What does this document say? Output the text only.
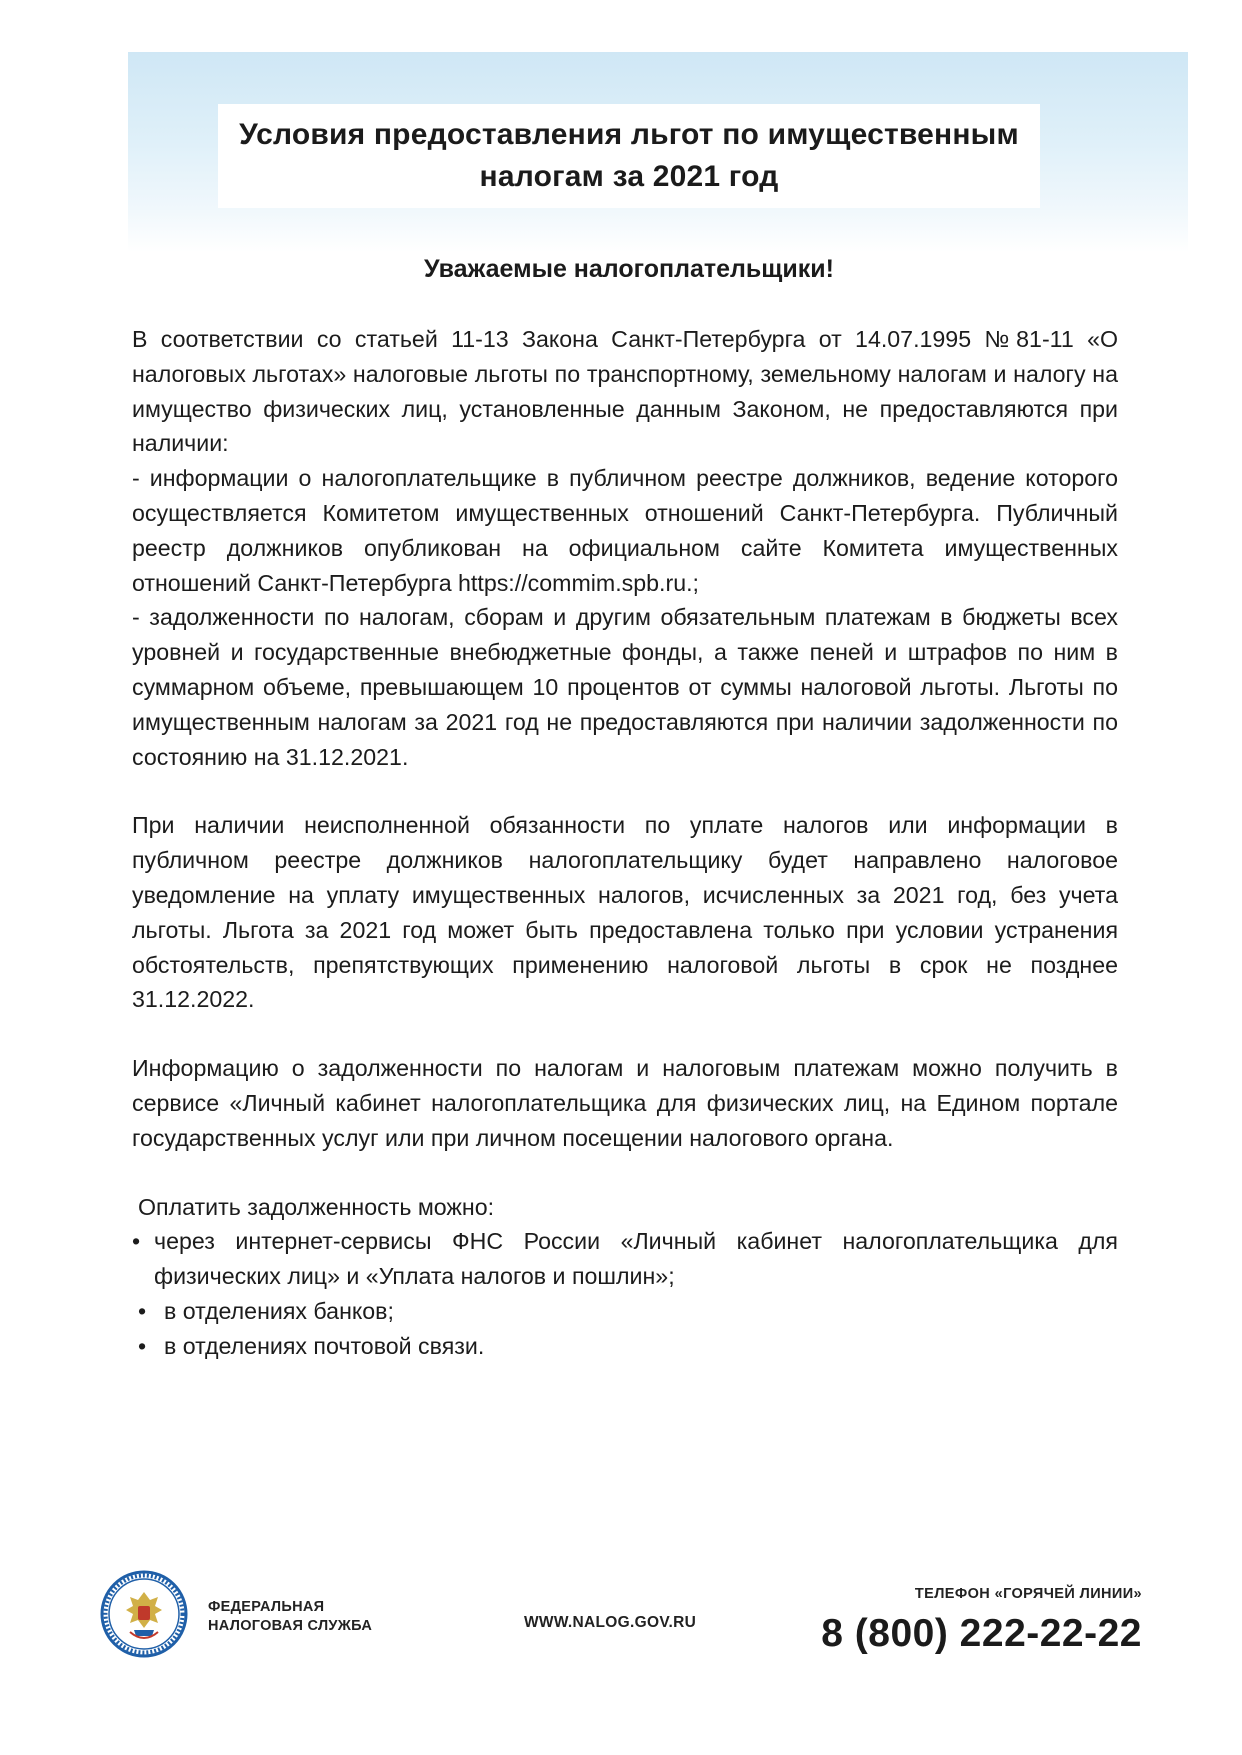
Условия предоставления льгот по имущественным
налогам за 2021 год
Уважаемые налогоплательщики!

В соответствии со статьей 11-13 Закона Санкт-Петербурга от 14.07.1995 №81-11 «О налоговых льготах» налоговые льготы по транспортному, земельному налогам и налогу на имущество физических лиц, установленные данным Законом, не предоставляются при наличии:
- информации о налогоплательщике в публичном реестре должников, ведение которого осуществляется Комитетом имущественных отношений Санкт-Петербурга. Публичный реестр должников опубликован на официальном сайте Комитета имущественных отношений Санкт-Петербурга https://commim.spb.ru.;
- задолженности по налогам, сборам и другим обязательным платежам в бюджеты всех уровней и государственные внебюджетные фонды, а также пеней и штрафов по ним в суммарном объеме, превышающем 10 процентов от суммы налоговой льготы. Льготы по имущественным налогам за 2021 год не предоставляются при наличии задолженности по состоянию на 31.12.2021.

При наличии неисполненной обязанности по уплате налогов или информации в публичном реестре должников налогоплательщику будет направлено налоговое уведомление на уплату имущественных налогов, исчисленных за 2021 год, без учета льготы. Льгота за 2021 год может быть предоставлена только при условии устранения обстоятельств, препятствующих применению налоговой льготы в срок не позднее 31.12.2022.

Информацию о задолженности по налогам и налоговым платежам можно получить в сервисе «Личный кабинет налогоплательщика для физических лиц, на Едином портале государственных услуг или при личном посещении налогового органа.

Оплатить задолженность можно:

• через интернет-сервисы ФНС России «Личный кабинет налогоплательщика для физических лиц» и «Уплата налогов и пошлин»;
• в отделениях банков;
• в отделениях почтовой связи.
ФЕДЕРАЛЬНАЯ
НАЛОГОВАЯ СЛУЖБА	WWW.NALOG.GOV.RU
ТЕЛЕФОН «ГОРЯЧЕЙ ЛИНИИ»
8 (800) 222-22-22
